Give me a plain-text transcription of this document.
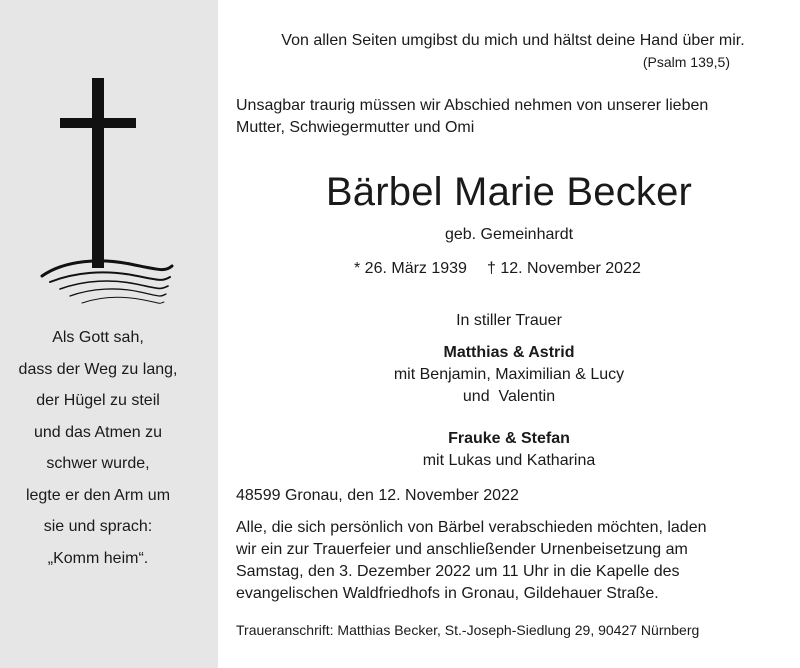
Als Gott sah,
dass der Weg zu lang,
der Hügel zu steil
und das Atmen zu
schwer wurde,
legte er den Arm um
sie und sprach:
„Komm heim“.
Von allen Seiten umgibst du mich und hältst deine Hand über mir.
(Psalm 139,5)
Unsagbar traurig müssen wir Abschied nehmen von unserer lieben
Mutter, Schwiegermutter und Omi
Bärbel Marie Becker
geb. Gemeinhardt
* 26. März 1939 † 12. November 2022
In stiller Trauer
Matthias & Astrid
mit Benjamin, Maximilian & Lucy
und  Valentin
Frauke & Stefan
mit Lukas und Katharina
48599 Gronau, den 12. November 2022
Alle, die sich persönlich von Bärbel verabschieden möchten, laden
wir ein zur Trauerfeier und anschließender Urnenbeisetzung am
Samstag, den 3. Dezember 2022 um 11 Uhr in die Kapelle des
evangelischen Waldfriedhofs in Gronau, Gildehauer Straße.
Traueranschrift: Matthias Becker, St.-Joseph-Siedlung 29, 90427 Nürnberg
